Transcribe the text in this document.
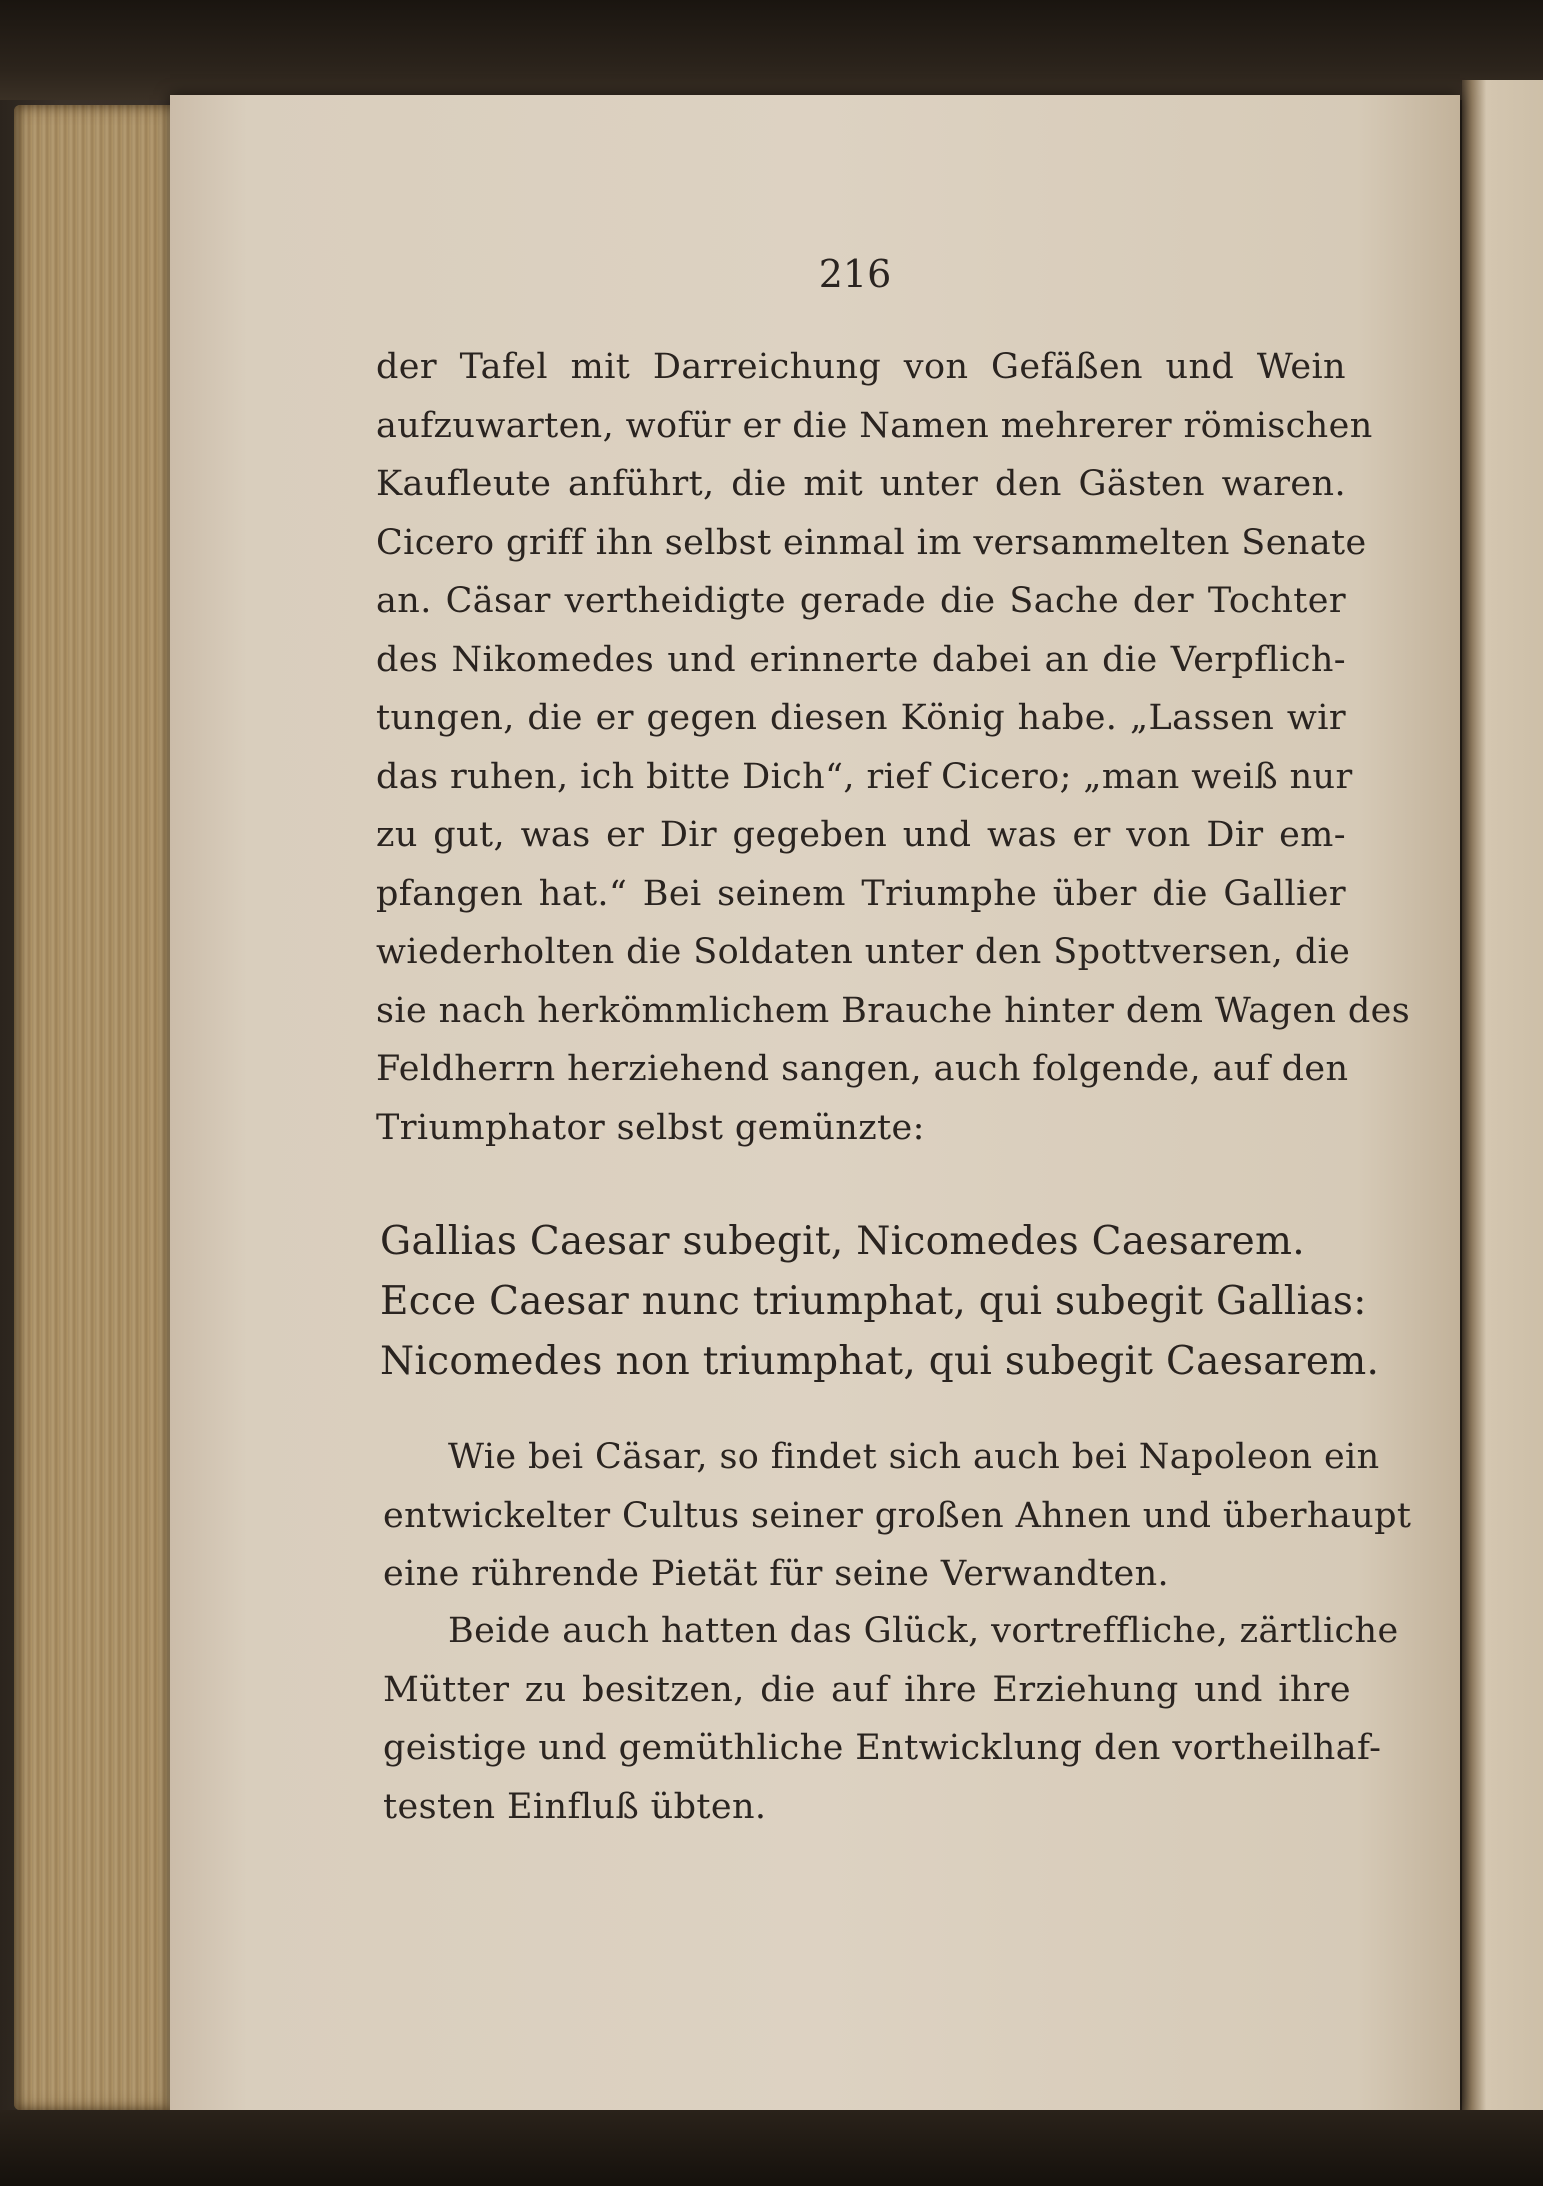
216
der Tafel mit Darreichung von Gefäßen und Wein
aufzuwarten, wofür er die Namen mehrerer römischen
Kaufleute anführt, die mit unter den Gästen waren.
Cicero griff ihn selbst einmal im versammelten Senate
an. Cäsar vertheidigte gerade die Sache der Tochter
des Nikomedes und erinnerte dabei an die Verpflich-
tungen, die er gegen diesen König habe. „Lassen wir
das ruhen, ich bitte Dich“, rief Cicero; „man weiß nur
zu gut, was er Dir gegeben und was er von Dir em-
pfangen hat.“ Bei seinem Triumphe über die Gallier
wiederholten die Soldaten unter den Spottversen, die
sie nach herkömmlichem Brauche hinter dem Wagen des
Feldherrn herziehend sangen, auch folgende, auf den
Triumphator selbst gemünzte:
Gallias Caesar subegit, Nicomedes Caesarem.
Ecce Caesar nunc triumphat, qui subegit Gallias:
Nicomedes non triumphat, qui subegit Caesarem.
Wie bei Cäsar, so findet sich auch bei Napoleon ein
entwickelter Cultus seiner großen Ahnen und überhaupt
eine rührende Pietät für seine Verwandten.
Beide auch hatten das Glück, vortreffliche, zärtliche
Mütter zu besitzen, die auf ihre Erziehung und ihre
geistige und gemüthliche Entwicklung den vortheilhaf-
testen Einfluß übten.
